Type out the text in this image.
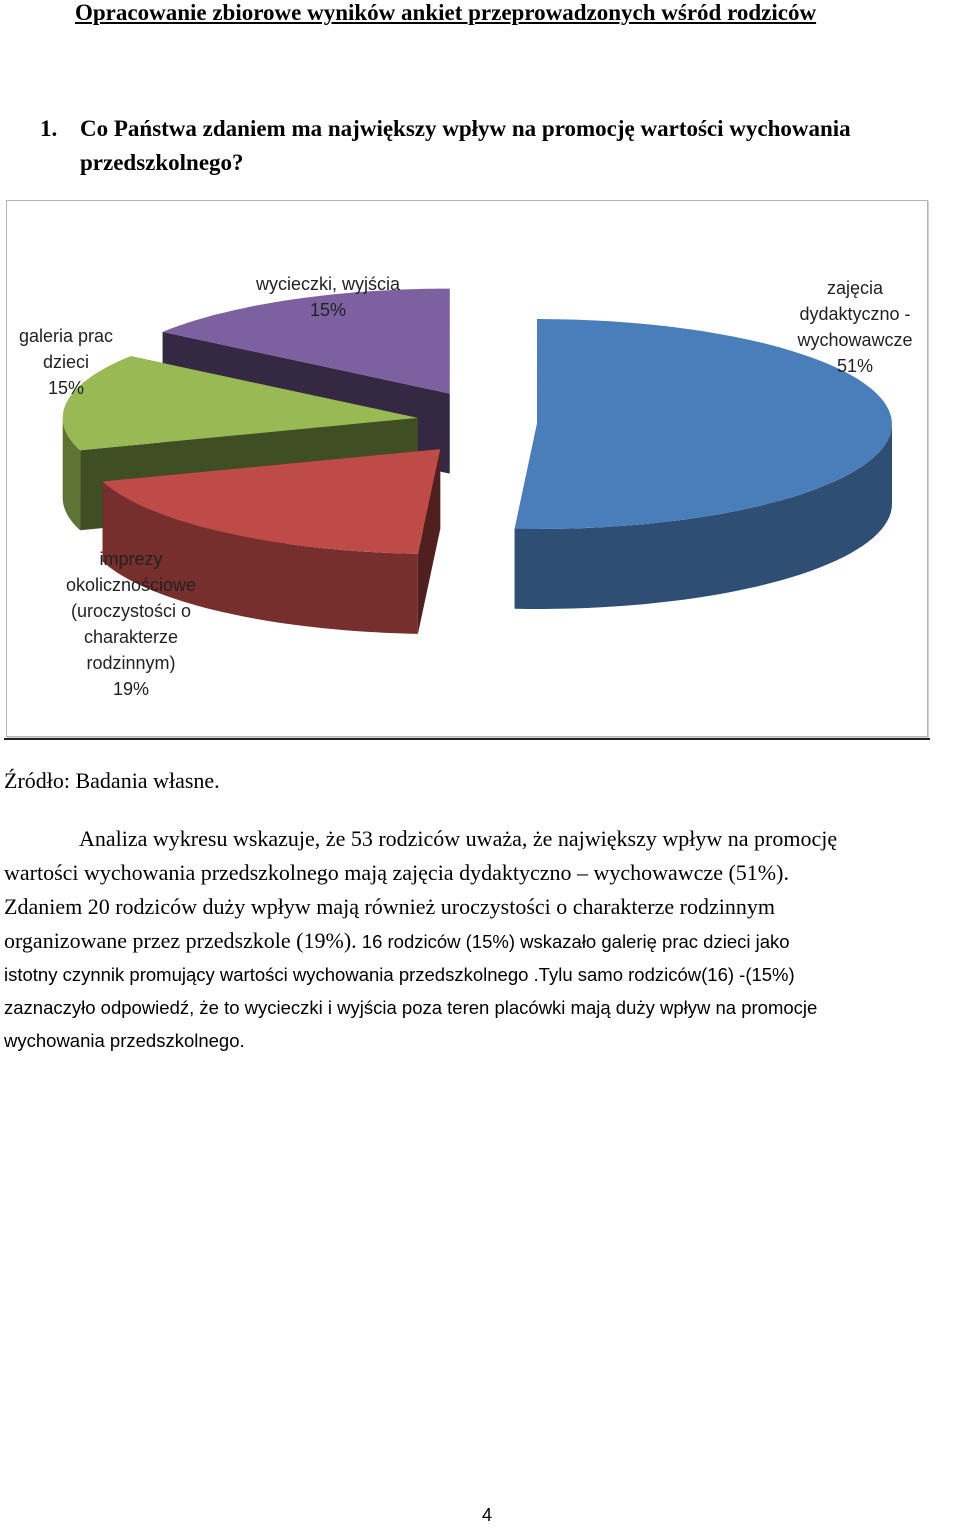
Opracowanie zbiorowe wyników ankiet przeprowadzonych wśród rodziców
1. Co Państwa zdaniem ma największy wpływ na promocję wartości wychowania przedszkolnego?
zajęcia
dydaktyczno -
wychowawcze
51%
imprezy
okolicznościowe
(uroczystości o
charakterze
rodzinnym)
19%
galeria prac
dzieci
15%
wycieczki, wyjścia
15%
Źródło: Badania własne.
Analiza wykresu wskazuje, że 53 rodziców uważa, że największy wpływ na promocję
wartości wychowania przedszkolnego mają zajęcia dydaktyczno – wychowawcze (51%).
Zdaniem 20 rodziców duży wpływ mają również uroczystości o charakterze rodzinnym
organizowane przez przedszkole (19%). 16 rodziców (15%) wskazało galerię prac dzieci jako
istotny czynnik promujący wartości wychowania przedszkolnego .Tylu samo rodziców(16) -(15%)
zaznaczyło odpowiedź, że to wycieczki i wyjścia poza teren placówki mają duży wpływ na promocje
wychowania przedszkolnego.
4
